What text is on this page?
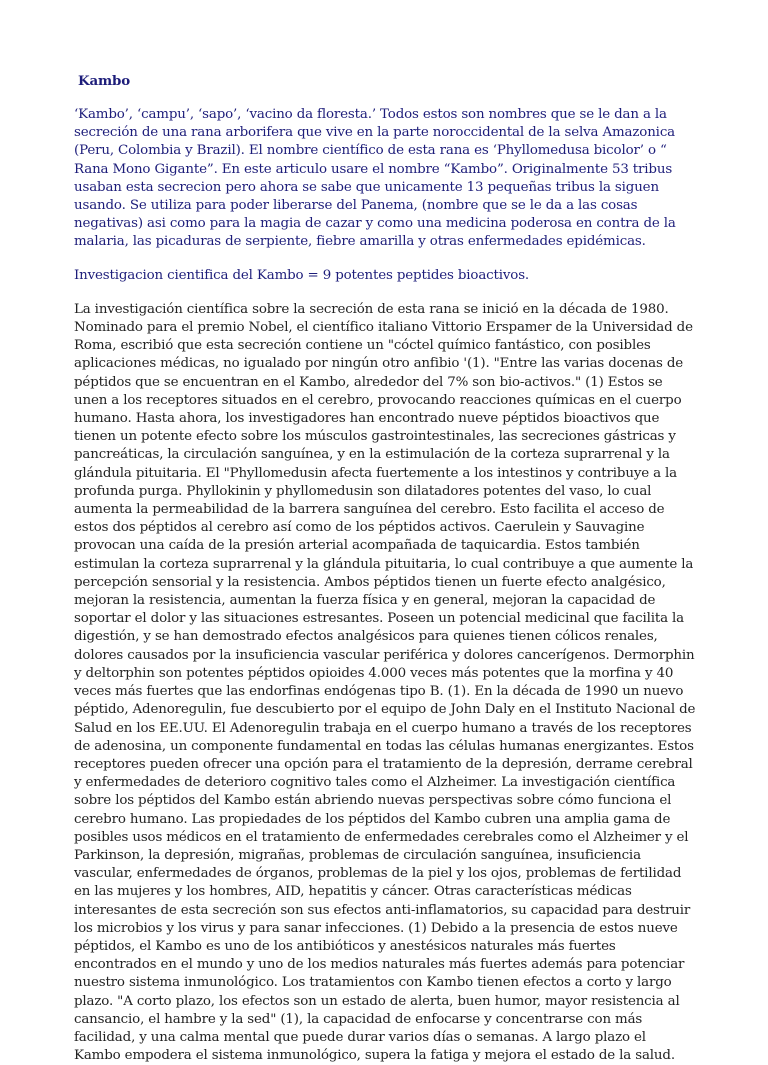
Kambo

‘Kambo’, ‘campu’, ‘sapo’, ‘vacino da floresta.’ Todos estos son nombres que se le dan a la secreción de una rana arborifera que vive en la parte noroccidental de la selva Amazonica (Peru, Colombia y Brazil). El nombre científico de esta rana es ‘Phyllomedusa bicolor’ o “ Rana Mono Gigante”. En este articulo usare el nombre “Kambo”. Originalmente 53 tribus usaban esta secrecion pero ahora se sabe que unicamente 13 pequeñas tribus la siguen usando. Se utiliza para poder liberarse del Panema, (nombre que se le da a las cosas negativas) asi como para la magia de cazar y como una medicina poderosa en contra de la malaria, las picaduras de serpiente, fiebre amarilla y otras enfermedades epidémicas.

Investigacion cientifica del Kambo = 9 potentes peptides bioactivos.

La investigación científica sobre la secreción de esta rana se inició en la década de 1980. Nominado para el premio Nobel, el científico italiano Vittorio Erspamer de la Universidad de Roma, escribió que esta secreción contiene un "cóctel químico fantástico, con posibles aplicaciones médicas, no igualado por ningún otro anfibio '(1). "Entre las varias docenas de péptidos que se encuentran en el Kambo, alrededor del 7% son bio-activos." (1) Estos se unen a los receptores situados en el cerebro, provocando reacciones químicas en el cuerpo humano. Hasta ahora, los investigadores han encontrado nueve péptidos bioactivos que tienen un potente efecto sobre los músculos gastrointestinales, las secreciones gástricas y pancreáticas, la circulación sanguínea, y en la estimulación de la corteza suprarrenal y la glándula pituitaria. El "Phyllomedusin afecta fuertemente a los intestinos y contribuye a la profunda purga. Phyllokinin y phyllomedusin son dilatadores potentes del vaso, lo cual aumenta la permeabilidad de la barrera sanguínea del cerebro. Esto facilita el acceso de estos dos péptidos al cerebro así como de los péptidos activos. Caerulein y Sauvagine provocan una caída de la presión arterial acompañada de taquicardia. Estos también estimulan la corteza suprarrenal y la glándula pituitaria, lo cual contribuye a que aumente la percepción sensorial y la resistencia. Ambos péptidos tienen un fuerte efecto analgésico, mejoran la resistencia, aumentan la fuerza física y en general, mejoran la capacidad de soportar el dolor y las situaciones estresantes. Poseen un potencial medicinal que facilita la digestión, y se han demostrado efectos analgésicos para quienes tienen cólicos renales, dolores causados por la insuficiencia vascular periférica y dolores cancerígenos. Dermorphin y deltorphin son potentes péptidos opioides 4.000 veces más potentes que la morfina y 40 veces más fuertes que las endorfinas endógenas tipo B. (1). En la década de 1990 un nuevo péptido, Adenoregulin, fue descubierto por el equipo de John Daly en el Instituto Nacional de Salud en los EE.UU. El Adenoregulin trabaja en el cuerpo humano a través de los receptores de adenosina, un componente fundamental en todas las células humanas energizantes. Estos receptores pueden ofrecer una opción para el tratamiento de la depresión, derrame cerebral y enfermedades de deterioro cognitivo tales como el Alzheimer. La investigación científica sobre los péptidos del Kambo están abriendo nuevas perspectivas sobre cómo funciona el cerebro humano. Las propiedades de los péptidos del Kambo cubren una amplia gama de posibles usos médicos en el tratamiento de enfermedades cerebrales como el Alzheimer y el Parkinson, la depresión, migrañas, problemas de circulación sanguínea, insuficiencia vascular, enfermedades de órganos, problemas de la piel y los ojos, problemas de fertilidad en las mujeres y los hombres, AID, hepatitis y cáncer. Otras características médicas interesantes de esta secreción son sus efectos anti-inflamatorios, su capacidad para destruir los microbios y los virus y para sanar infecciones. (1) Debido a la presencia de estos nueve péptidos, el Kambo es uno de los antibióticos y anestésicos naturales más fuertes encontrados en el mundo y uno de los medios naturales más fuertes además para potenciar nuestro sistema inmunológico. Los tratamientos con Kambo tienen efectos a corto y largo plazo. "A corto plazo, los efectos son un estado de alerta, buen humor, mayor resistencia al cansancio, el hambre y la sed" (1), la capacidad de enfocarse y concentrarse con más facilidad, y una calma mental que puede durar varios días o semanas. A largo plazo el Kambo empodera el sistema inmunológico, supera la fatiga y mejora el estado de la salud.
